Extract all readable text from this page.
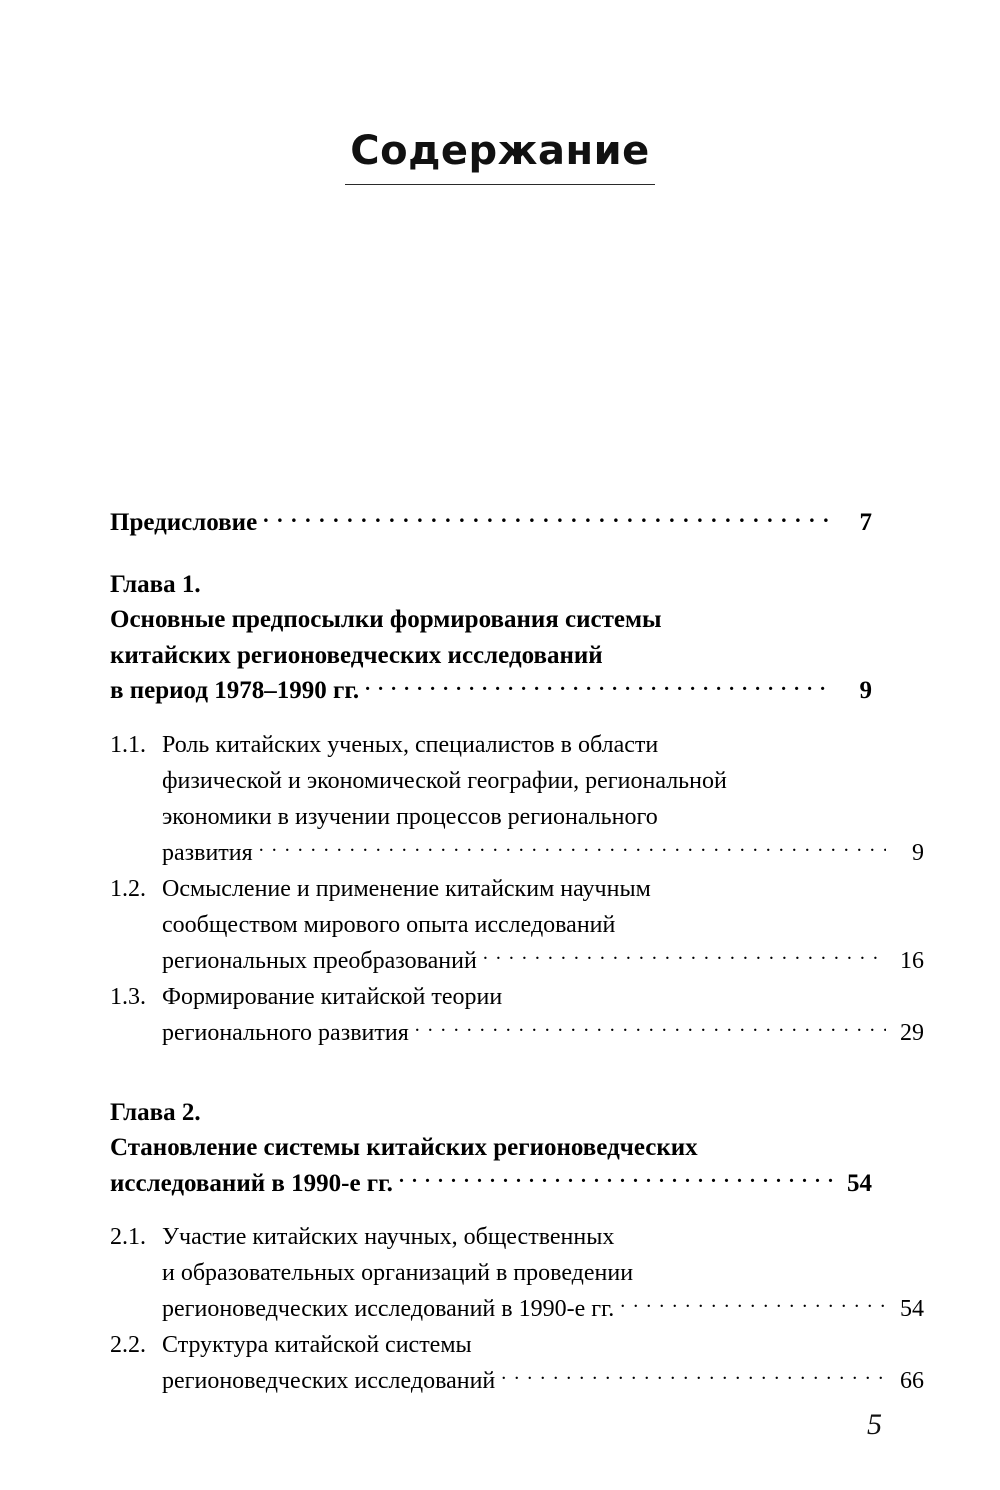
Содержание
Предисловие . . .	7
Глава 1.
Основные предпосылки формирования системы
китайских регионоведческих исследований
в период 1978–1990 гг. . . .	9
1.1. Роль китайских ученых, специалистов в области
физической и экономической географии, региональной
экономики в изучении процессов регионального
развития . . .	9
1.2. Осмысление и применение китайским научным
сообществом мирового опыта исследований
региональных преобразований . . .	16
1.3. Формирование китайской теории
регионального развития . . .	29
Глава 2.
Становление системы китайских регионоведческих
исследований в 1990-е гг. . . .	54
2.1. Участие китайских научных, общественных
и образовательных организаций в проведении
регионоведческих исследований в 1990-е гг. . . .	54
2.2. Структура китайской системы
регионоведческих исследований . . .	66
5
